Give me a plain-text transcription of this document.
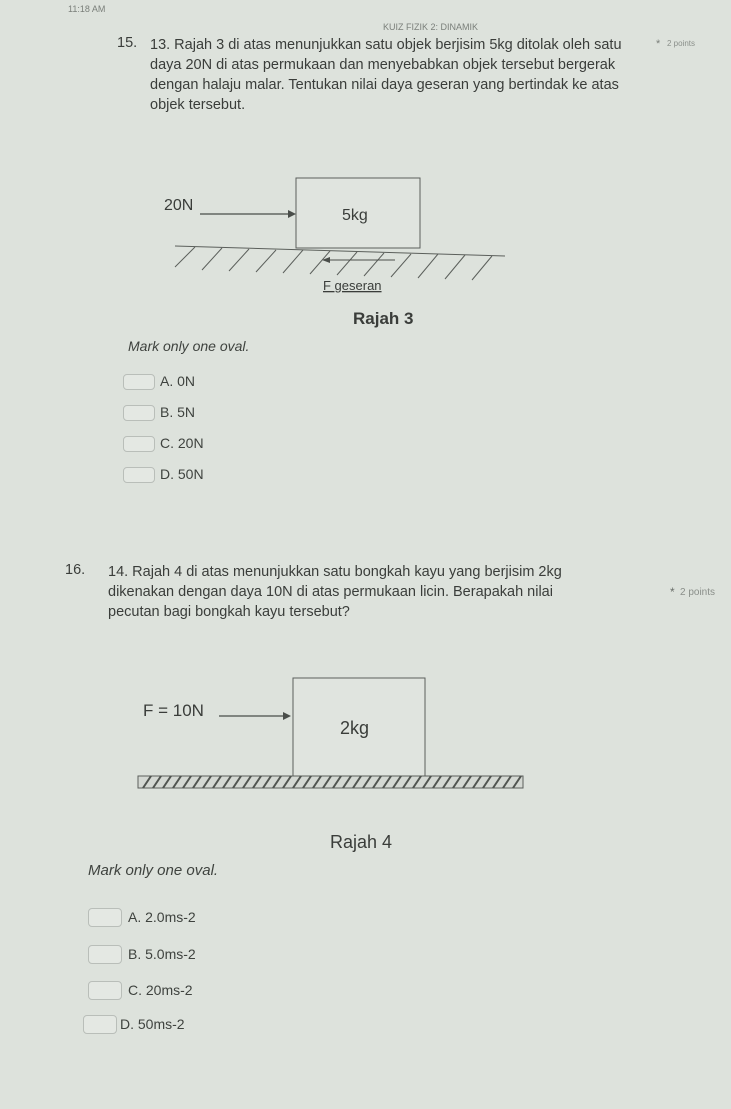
11:18 AM
KUIZ FIZIK 2: DINAMIK
15. 13. Rajah 3 di atas menunjukkan satu objek berjisim 5kg ditolak oleh satu
daya 20N di atas permukaan dan menyebabkan objek tersebut bergerak
dengan halaju malar. Tentukan nilai daya geseran yang bertindak ke atas
objek tersebut.
* 2 points
20N
5kg
F geseran
Rajah 3
Mark only one oval.
A. 0N
B. 5N
C. 20N
D. 50N
16. 14. Rajah 4 di atas menunjukkan satu bongkah kayu yang berjisim 2kg
dikenakan dengan daya 10N di atas permukaan licin. Berapakah nilai
pecutan bagi bongkah kayu tersebut?
* 2 points
F = 10N
2kg
Rajah 4
Mark only one oval.
A. 2.0ms-2
B. 5.0ms-2
C. 20ms-2
D. 50ms-2
